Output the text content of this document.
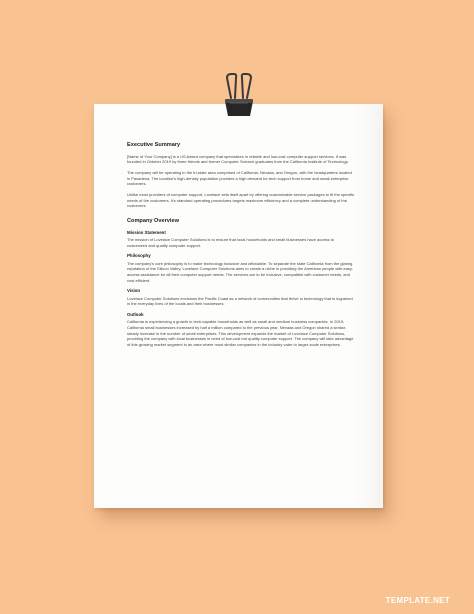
Executive Summary

[Name of Your Company] is a US-based company that specializes in reliable and low-cost computer support services. It was founded in October 2019 by three friends and former Computer Science graduates from the California Institute of Technology.

The company will be operating in the tri-state area comprised of California, Nevada, and Oregon, with the headquarters located in Pasadena. The location's high-density population provides a high demand for tech support from home and small-enterprise customers.

Unlike most providers of computer support, Lovelace sets itself apart by offering customizable service packages to fit the specific needs of the customers. It's standard operating procedures targets maximum efficiency and a complete understanding of the customers.

Company Overview
Mission Statement

The mission of Lovelace Computer Solutions is to ensure that local households and small businesses have access to customized and quality computer support.

Philosophy

The company's core philosophy is to make technology inclusive and affordable. To separate the state California from the glaring reputation of the Silicon Valley, Lovelace Computer Solutions aims to create a niche in providing the American people with easy-access assistance for all their computer support needs. The services are to be inclusive, compatible with customer needs, and cost efficient.

Vision

Lovelace Computer Solutions envisions the Pacific Coast as a network of communities that thrive in technology that is ingrained in the everyday lives of the locals and their businesses.

Outlook

California is experiencing a growth in tech-capable households as well as small and medium business companies. In 2019, California small businesses increased by half a million compared to the previous year. Nevada and Oregon shared a similar, steady increase in the number of small enterprises. This development expands the market of Lovelace Computer Solutions, providing the company with local businesses in need of low-cost but quality computer support. The company will take advantage of this growing market segment in an area where most similar companies in the industry cater to larger-scale enterprises.

TEMPLATE.NET
